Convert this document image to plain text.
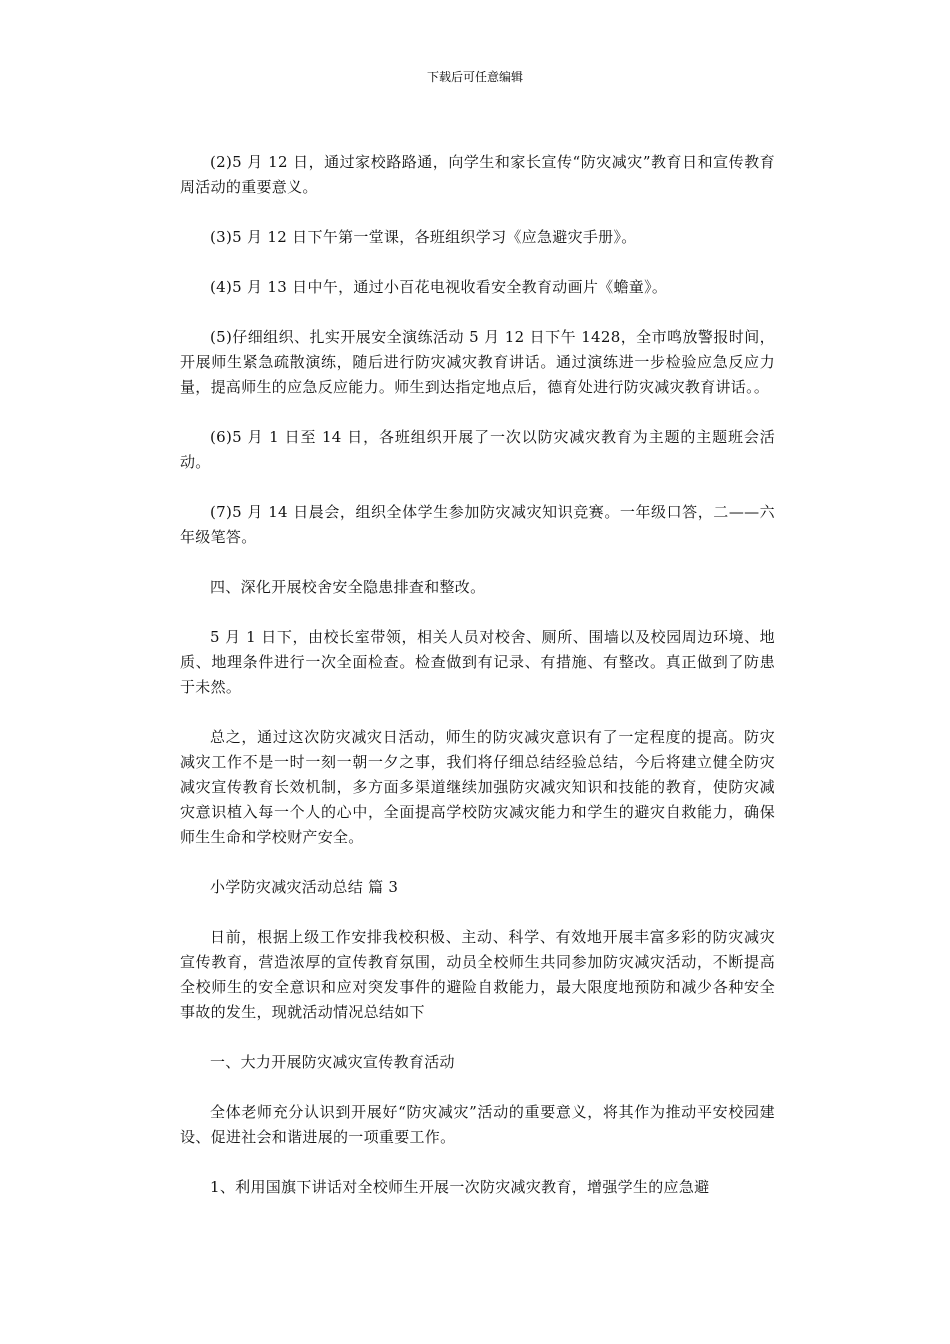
下载后可任意编辑

(2)5 月 12 日，通过家校路路通，向学生和家长宣传“防灾减灾”教育日和宣传教育周活动的重要意义。

(3)5 月 12 日下午第一堂课，各班组织学习《应急避灾手册》。

(4)5 月 13 日中午，通过小百花电视收看安全教育动画片《蟾童》。

(5)仔细组织、扎实开展安全演练活动 5 月 12 日下午 1428，全市鸣放警报时间，开展师生紧急疏散演练，随后进行防灾减灾教育讲话。通过演练进一步检验应急反应力量，提高师生的应急反应能力。师生到达指定地点后，德育处进行防灾减灾教育讲话。。

(6)5 月 1 日至 14 日，各班组织开展了一次以防灾减灾教育为主题的主题班会活动。

(7)5 月 14 日晨会，组织全体学生参加防灾减灾知识竞赛。一年级口答，二——六年级笔答。

四、深化开展校舍安全隐患排查和整改。

5 月 1 日下，由校长室带领，相关人员对校舍、厕所、围墙以及校园周边环境、地质、地理条件进行一次全面检查。检查做到有记录、有措施、有整改。真正做到了防患于未然。

总之，通过这次防灾减灾日活动，师生的防灾减灾意识有了一定程度的提高。防灾减灾工作不是一时一刻一朝一夕之事，我们将仔细总结经验总结，今后将建立健全防灾减灾宣传教育长效机制，多方面多渠道继续加强防灾减灾知识和技能的教育，使防灾减灾意识植入每一个人的心中，全面提高学校防灾减灾能力和学生的避灾自救能力，确保师生生命和学校财产安全。

小学防灾减灾活动总结 篇 3

日前，根据上级工作安排我校积极、主动、科学、有效地开展丰富多彩的防灾减灾宣传教育，营造浓厚的宣传教育氛围，动员全校师生共同参加防灾减灾活动，不断提高全校师生的安全意识和应对突发事件的避险自救能力，最大限度地预防和减少各种安全事故的发生，现就活动情况总结如下

一、大力开展防灾减灾宣传教育活动

全体老师充分认识到开展好“防灾减灾”活动的重要意义，将其作为推动平安校园建设、促进社会和谐进展的一项重要工作。

1、利用国旗下讲话对全校师生开展一次防灾减灾教育，增强学生的应急避
